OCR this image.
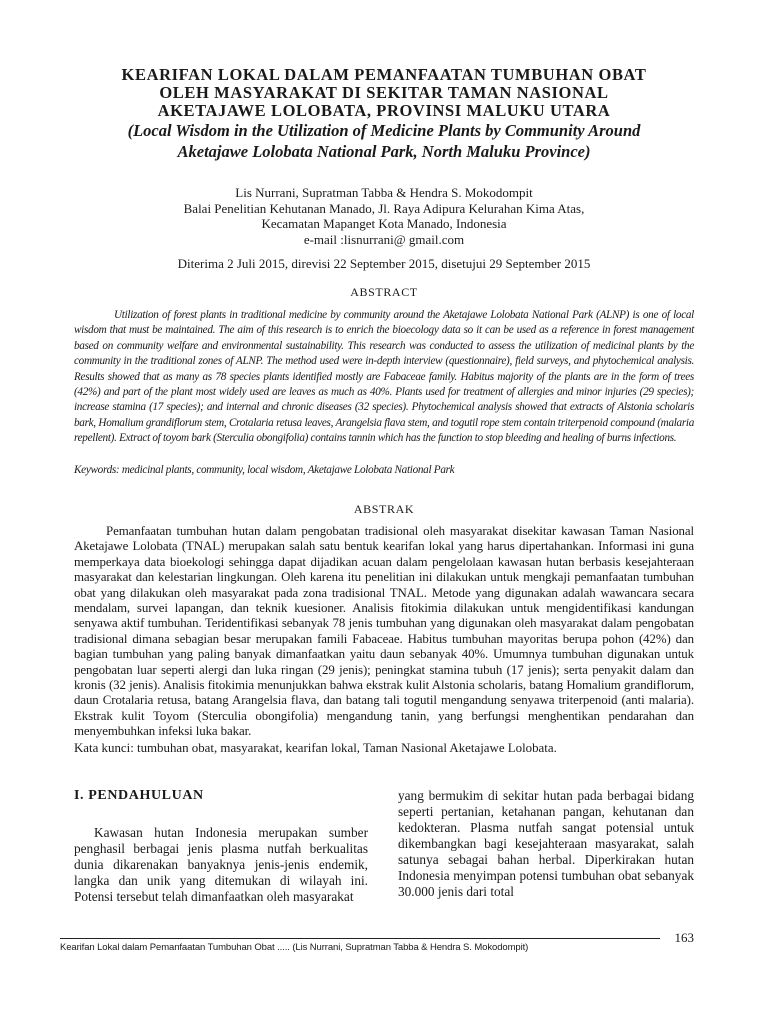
KEARIFAN LOKAL DALAM PEMANFAATAN TUMBUHAN OBAT
OLEH MASYARAKAT DI SEKITAR TAMAN NASIONAL
AKETAJAWE LOLOBATA, PROVINSI MALUKU UTARA
(Local Wisdom in the Utilization of Medicine Plants by Community Around
Aketajawe Lolobata National Park, North Maluku Province)
Lis Nurrani, Supratman Tabba & Hendra S. Mokodompit
Balai Penelitian Kehutanan Manado, Jl. Raya Adipura Kelurahan Kima Atas,
Kecamatan Mapanget Kota Manado, Indonesia
e-mail :lisnurrani@ gmail.com
Diterima 2 Juli 2015, direvisi 22 September 2015, disetujui 29 September 2015
ABSTRACT
Utilization of forest plants in traditional medicine by community around the Aketajawe Lolobata National Park (ALNP) is one of local wisdom that must be maintained. The aim of this research is to enrich the bioecology data so it can be used as a reference in forest management based on community welfare and environmental sustainability. This research was conducted to assess the utilization of medicinal plants by the community in the traditional zones of ALNP. The method used were in-depth interview (questionnaire), field surveys, and phytochemical analysis. Results showed that as many as 78 species plants identified mostly are Fabaceae family. Habitus majority of the plants are in the form of trees (42%) and part of the plant most widely used are leaves as much as 40%. Plants used for treatment of allergies and minor injuries (29 species); increase stamina (17 species); and internal and chronic diseases (32 species). Phytochemical analysis showed that extracts of Alstonia scholaris bark, Homalium grandiflorum stem, Crotalaria retusa leaves, Arangelsia flava stem, and togutil rope stem contain triterpenoid compound (malaria repellent). Extract of toyom bark (Sterculia obongifolia) contains tannin which has the function to stop bleeding and healing of burns infections.
Keywords: medicinal plants, community, local wisdom, Aketajawe Lolobata National Park
ABSTRAK
Pemanfaatan tumbuhan hutan dalam pengobatan tradisional oleh masyarakat disekitar kawasan Taman Nasional Aketajawe Lolobata (TNAL) merupakan salah satu bentuk kearifan lokal yang harus dipertahankan. Informasi ini guna memperkaya data bioekologi sehingga dapat dijadikan acuan dalam pengelolaan kawasan hutan berbasis kesejahteraan masyarakat dan kelestarian lingkungan. Oleh karena itu penelitian ini dilakukan untuk mengkaji pemanfaatan tumbuhan obat yang dilakukan oleh masyarakat pada zona tradisional TNAL. Metode yang digunakan adalah wawancara secara mendalam, survei lapangan, dan teknik kuesioner. Analisis fitokimia dilakukan untuk mengidentifikasi kandungan senyawa aktif tumbuhan. Teridentifikasi sebanyak 78 jenis tumbuhan yang digunakan oleh masyarakat dalam pengobatan tradisional dimana sebagian besar merupakan famili Fabaceae. Habitus tumbuhan mayoritas berupa pohon (42%) dan bagian tumbuhan yang paling banyak dimanfaatkan yaitu daun sebanyak 40%. Umumnya tumbuhan digunakan untuk pengobatan luar seperti alergi dan luka ringan (29 jenis); peningkat stamina tubuh (17 jenis); serta penyakit dalam dan kronis (32 jenis). Analisis fitokimia menunjukkan bahwa ekstrak kulit Alstonia scholaris, batang Homalium grandiflorum, daun Crotalaria retusa, batang Arangelsia flava, dan batang tali togutil mengandung senyawa triterpenoid (anti malaria). Ekstrak kulit Toyom (Sterculia obongifolia) mengandung tanin, yang berfungsi menghentikan pendarahan dan menyembuhkan infeksi luka bakar.
Kata kunci: tumbuhan obat, masyarakat, kearifan lokal, Taman Nasional Aketajawe Lolobata.
I. PENDAHULUAN

Kawasan hutan Indonesia merupakan sumber penghasil berbagai jenis plasma nutfah berkualitas dunia dikarenakan banyaknya jenis-jenis endemik, langka dan unik yang ditemukan di wilayah ini. Potensi tersebut telah dimanfaatkan oleh masyarakat

yang bermukim di sekitar hutan pada berbagai bidang seperti pertanian, ketahanan pangan, kehutanan dan kedokteran. Plasma nutfah sangat potensial untuk dikembangkan bagi kesejahteraan masyarakat, salah satunya sebagai bahan herbal. Diperkirakan hutan Indonesia menyimpan potensi tumbuhan obat sebanyak 30.000 jenis dari total

163
Kearifan Lokal dalam Pemanfaatan Tumbuhan Obat ..... (Lis Nurrani, Supratman Tabba & Hendra S. Mokodompit)
